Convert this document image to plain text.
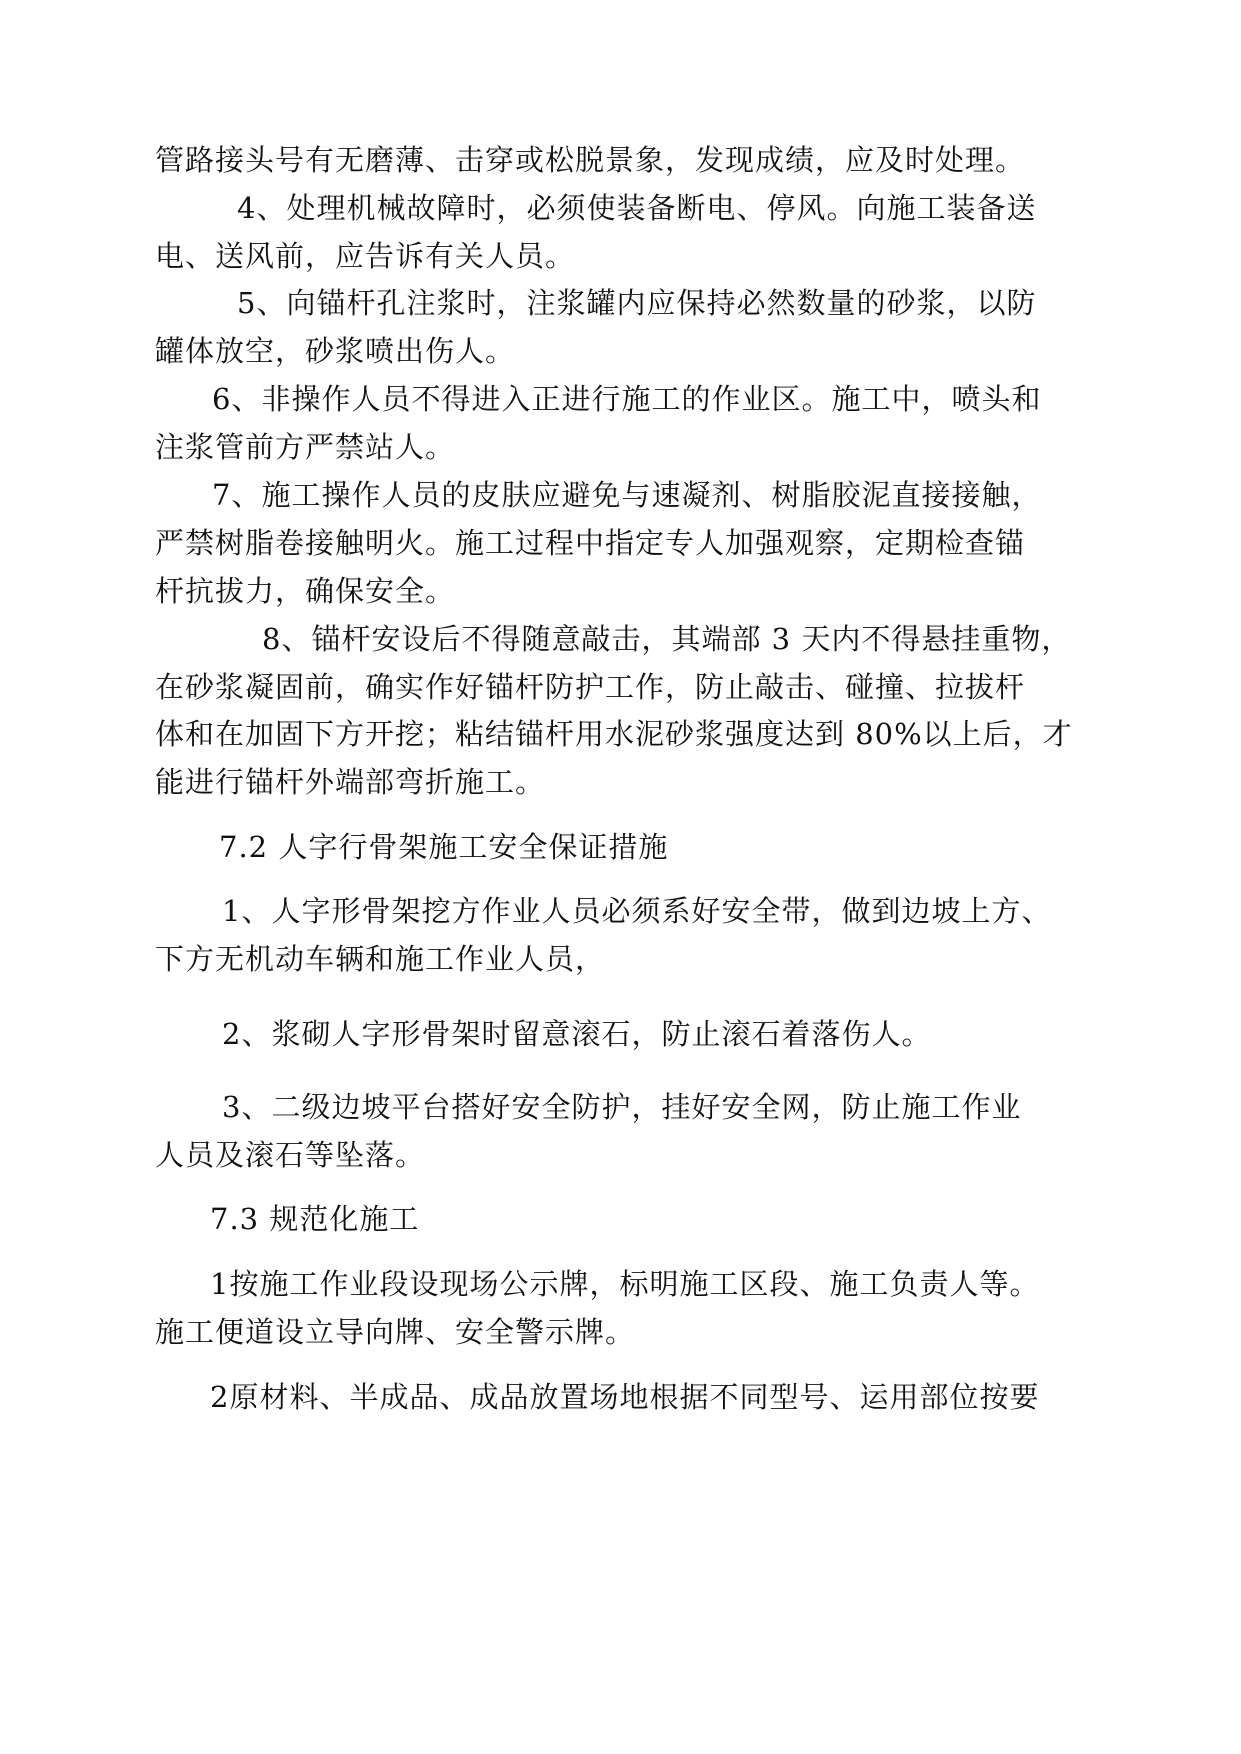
管路接头号有无磨薄、击穿或松脱景象，发现成绩，应及时处理。
4、处理机械故障时，必须使装备断电、停风。向施工装备送
电、送风前，应告诉有关人员。
5、向锚杆孔注浆时，注浆罐内应保持必然数量的砂浆，以防
罐体放空，砂浆喷出伤人。
6、非操作人员不得进入正进行施工的作业区。施工中，喷头和
注浆管前方严禁站人。
7、施工操作人员的皮肤应避免与速凝剂、树脂胶泥直接接触，
严禁树脂卷接触明火。施工过程中指定专人加强观察，定期检查锚
杆抗拔力，确保安全。
8、锚杆安设后不得随意敲击，其端部 3 天内不得悬挂重物，
在砂浆凝固前，确实作好锚杆防护工作，防止敲击、碰撞、拉拔杆
体和在加固下方开挖；粘结锚杆用水泥砂浆强度达到 80%以上后，才
能进行锚杆外端部弯折施工。
7.2 人字行骨架施工安全保证措施
1、人字形骨架挖方作业人员必须系好安全带，做到边坡上方、
下方无机动车辆和施工作业人员，
2、浆砌人字形骨架时留意滚石，防止滚石着落伤人。
3、二级边坡平台搭好安全防护，挂好安全网，防止施工作业
人员及滚石等坠落。
7.3 规范化施工
1按施工作业段设现场公示牌，标明施工区段、施工负责人等。
施工便道设立导向牌、安全警示牌。
2原材料、半成品、成品放置场地根据不同型号、运用部位按要
